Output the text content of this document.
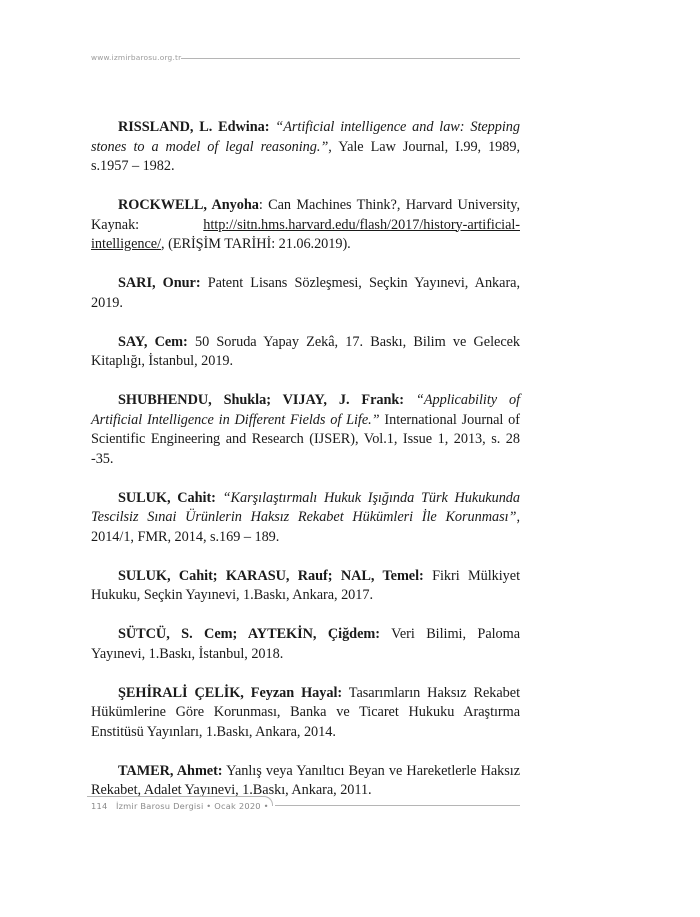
www.izmirbarosu.org.tr

RISSLAND, L. Edwina: “Artificial intelligence and law: Stepping stones to a model of legal reasoning.”, Yale Law Journal, I.99, 1989, s.1957 – 1982.

ROCKWELL, Anyoha: Can Machines Think?, Harvard University, Kaynak: http://sitn.hms.harvard.edu/flash/2017/history-artificial-intelligence/, (ERİŞİM TARİHİ: 21.06.2019).

SARI, Onur: Patent Lisans Sözleşmesi, Seçkin Yayınevi, Ankara, 2019.

SAY, Cem: 50 Soruda Yapay Zekâ, 17. Baskı, Bilim ve Gelecek Kitaplığı, İstanbul, 2019.

SHUBHENDU, Shukla; VIJAY, J. Frank: “Applicability of Artificial Intelligence in Different Fields of Life.” International Journal of Scientific Engineering and Research (IJSER), Vol.1, Issue 1, 2013, s. 28 -35.

SULUK, Cahit: “Karşılaştırmalı Hukuk Işığında Türk Hukukunda Tescilsiz Sınai Ürünlerin Haksız Rekabet Hükümleri İle Korunması”, 2014/1, FMR, 2014, s.169 – 189.

SULUK, Cahit; KARASU, Rauf; NAL, Temel: Fikri Mülkiyet Hukuku, Seçkin Yayınevi, 1.Baskı, Ankara, 2017.

SÜTCÜ, S. Cem; AYTEKİN, Çiğdem: Veri Bilimi, Paloma Yayınevi, 1.Baskı, İstanbul, 2018.

ŞEHİRALİ ÇELİK, Feyzan Hayal: Tasarımların Haksız Rekabet Hükümlerine Göre Korunması, Banka ve Ticaret Hukuku Araştırma Enstitüsü Yayınları, 1.Baskı, Ankara, 2014.

TAMER, Ahmet: Yanlış veya Yanıltıcı Beyan ve Hareketlerle Haksız Rekabet, Adalet Yayınevi, 1.Baskı, Ankara, 2011.

114 İzmir Barosu Dergisi • Ocak 2020 •
